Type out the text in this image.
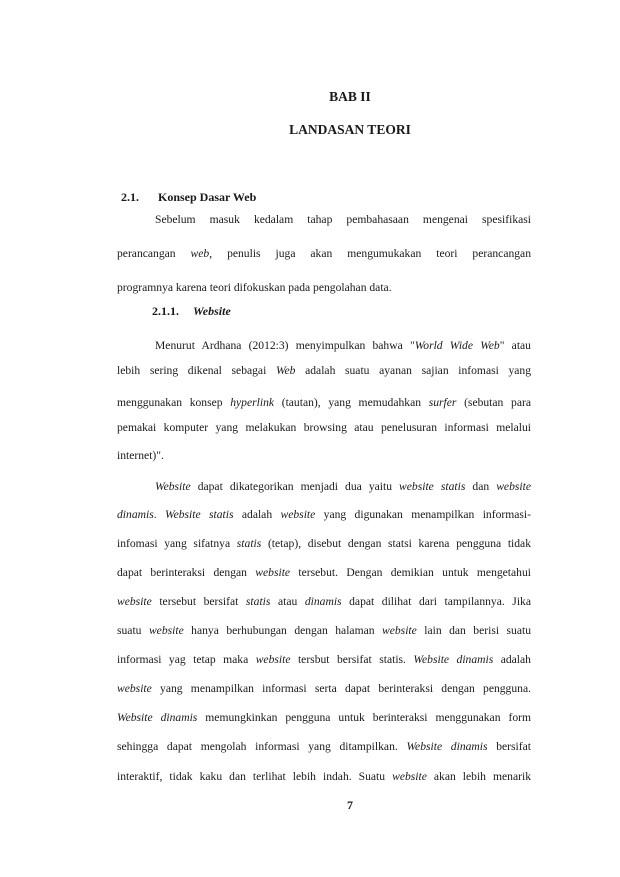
BAB II
LANDASAN TEORI
2.1. Konsep Dasar Web
2.1.1. Website
Sebelum masuk kedalam tahap pembahasaan mengenai spesifikasi
perancangan web, penulis juga akan mengumukakan teori perancangan
programnya karena teori difokuskan pada pengolahan data.
Menurut Ardhana (2012:3) menyimpulkan bahwa "World Wide Web" atau
lebih sering dikenal sebagai Web adalah suatu ayanan sajian infomasi yang
menggunakan konsep hyperlink (tautan), yang memudahkan surfer (sebutan para
pemakai komputer yang melakukan browsing atau penelusuran informasi melalui
internet)".
Website dapat dikategorikan menjadi dua yaitu website statis dan website
dinamis. Website statis adalah website yang digunakan menampilkan informasi-
infomasi yang sifatnya statis (tetap), disebut dengan statsi karena pengguna tidak
dapat berinteraksi dengan website tersebut. Dengan demikian untuk mengetahui
website tersebut bersifat statis atau dinamis dapat dilihat dari tampilannya. Jika
suatu website hanya berhubungan dengan halaman website lain dan berisi suatu
informasi yag tetap maka website tersbut bersifat statis. Website dinamis adalah
website yang menampilkan informasi serta dapat berinteraksi dengan pengguna.
Website dinamis memungkinkan pengguna untuk berinteraksi menggunakan form
sehingga dapat mengolah informasi yang ditampilkan. Website dinamis bersifat
interaktif, tidak kaku dan terlihat lebih indah. Suatu website akan lebih menarik
7
